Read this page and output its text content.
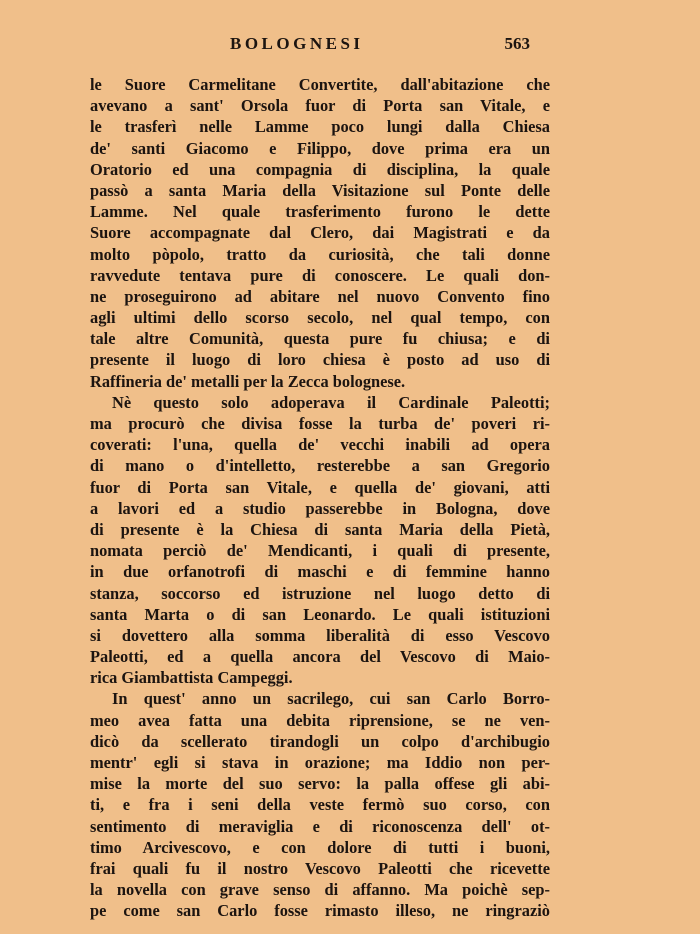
BOLOGNESI	563
le Suore Carmelitane Convertite, dall'abitazione che
avevano a sant' Orsola fuor di Porta san Vitale, e
le trasferì nelle Lamme poco lungi dalla Chiesa
de' santi Giacomo e Filippo, dove prima era un
Oratorio ed una compagnia di disciplina, la quale
passò a santa Maria della Visitazione sul Ponte delle
Lamme. Nel quale trasferimento furono le dette
Suore accompagnate dal Clero, dai Magistrati e da
molto pòpolo, tratto da curiosità, che tali donne
ravvedute tentava pure di conoscere. Le quali don-
ne proseguirono ad abitare nel nuovo Convento fino
agli ultimi dello scorso secolo, nel qual tempo, con
tale altre Comunità, questa pure fu chiusa; e di
presente il luogo di loro chiesa è posto ad uso di
Raffineria de' metalli per la Zecca bolognese.
Nè questo solo adoperava il Cardinale Paleotti;
ma procurò che divisa fosse la turba de' poveri ri-
coverati: l'una, quella de' vecchi inabili ad opera
di mano o d'intelletto, resterebbe a san Gregorio
fuor di Porta san Vitale, e quella de' giovani, atti
a lavori ed a studio passerebbe in Bologna, dove
di presente è la Chiesa di santa Maria della Pietà,
nomata perciò de' Mendicanti, i quali di presente,
in due orfanotrofi di maschi e di femmine hanno
stanza, soccorso ed istruzione nel luogo detto di
santa Marta o di san Leonardo. Le quali istituzioni
si dovettero alla somma liberalità di esso Vescovo
Paleotti, ed a quella ancora del Vescovo di Maio-
rica Giambattista Campeggi.
In quest' anno un sacrilego, cui san Carlo Borro-
meo avea fatta una debita riprensione, se ne ven-
dicò da scellerato tirandogli un colpo d'archibugio
mentr' egli si stava in orazione; ma Iddio non per-
mise la morte del suo servo: la palla offese gli abi-
ti, e fra i seni della veste fermò suo corso, con
sentimento di meraviglia e di riconoscenza dell' ot-
timo Arcivescovo, e con dolore di tutti i buoni,
frai quali fu il nostro Vescovo Paleotti che ricevette
la novella con grave senso di affanno. Ma poichè sep-
pe come san Carlo fosse rimasto illeso, ne ringraziò
